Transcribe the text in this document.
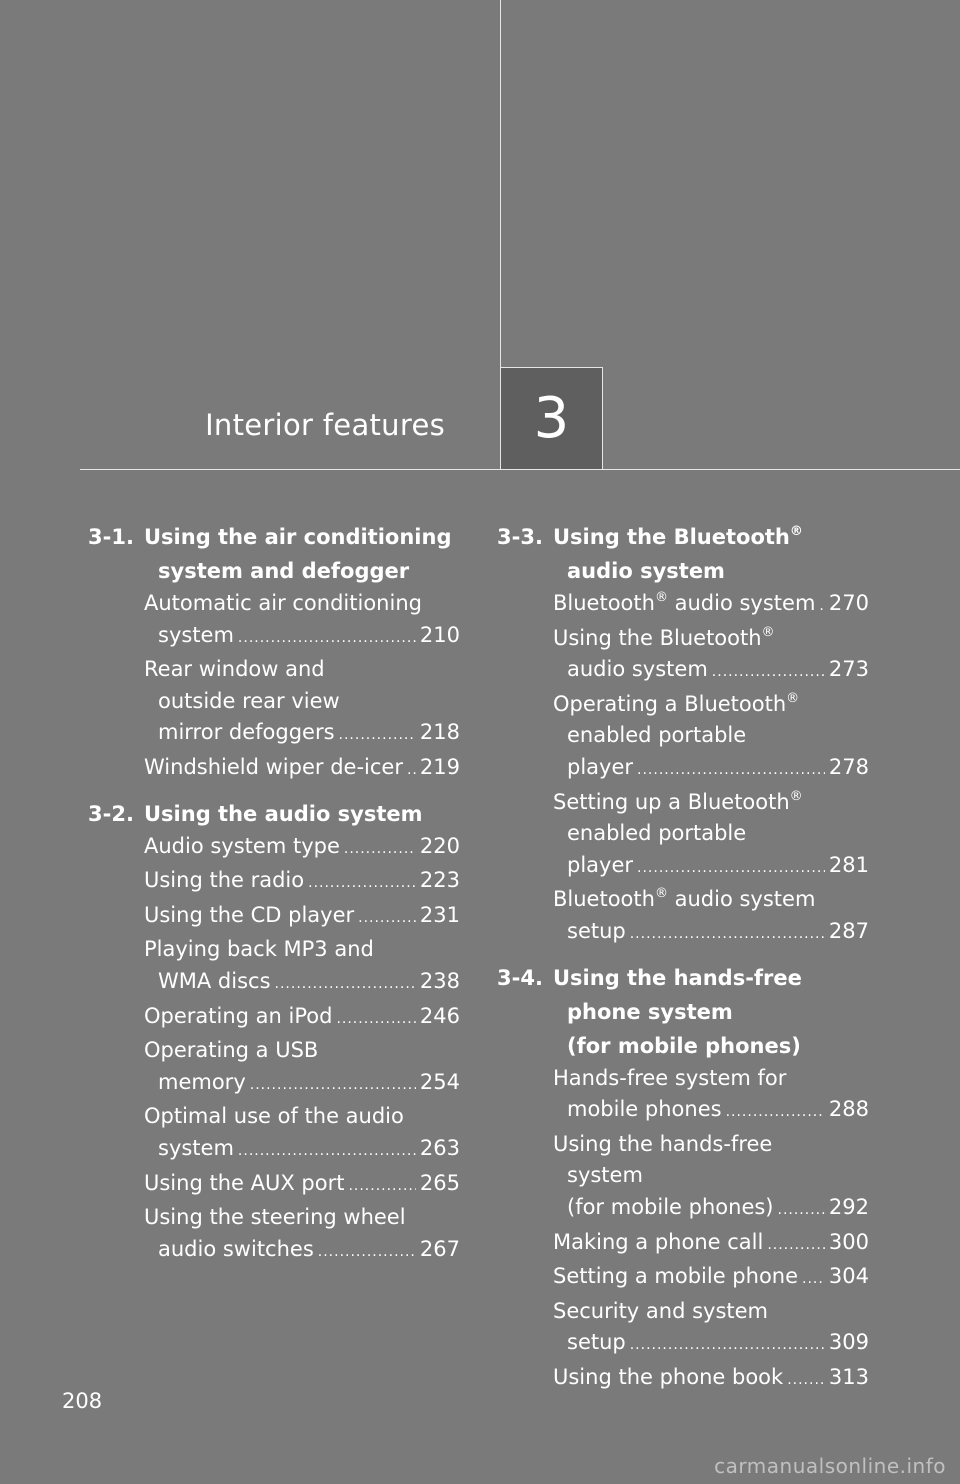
Interior features	3
3-1. Using the air conditioning
system and defogger
Automatic air conditioning
system .....	210
Rear window and
outside rear view
mirror defoggers .....	218
Windshield wiper de-icer ..... 219
3-2. Using the audio system
Audio system type .....	220
Using the radio .....	223
Using the CD player .....	231
Playing back MP3 and
WMA discs .....	238
Operating an iPod .....	246
Operating a USB
memory .....	254
Optimal use of the audio
system .....	263
Using the AUX port .....	265
Using the steering wheel
audio switches .....	267
3-3. Using the Bluetooth®
audio system
Bluetooth® audio system ..... 270
Using the Bluetooth®
audio system .....	273
Operating a Bluetooth®
enabled portable
player .....	278
Setting up a Bluetooth®
enabled portable
player .....	281
Bluetooth® audio system
setup .....	287
3-4. Using the hands-free
phone system
(for mobile phones)
Hands-free system for
mobile phones .....	288
Using the hands-free
system
(for mobile phones) .....	292
Making a phone call .....	300
Setting a mobile phone ..... 304
Security and system
setup .....	309
Using the phone book ..... 313
208
carmanualsonline.info
